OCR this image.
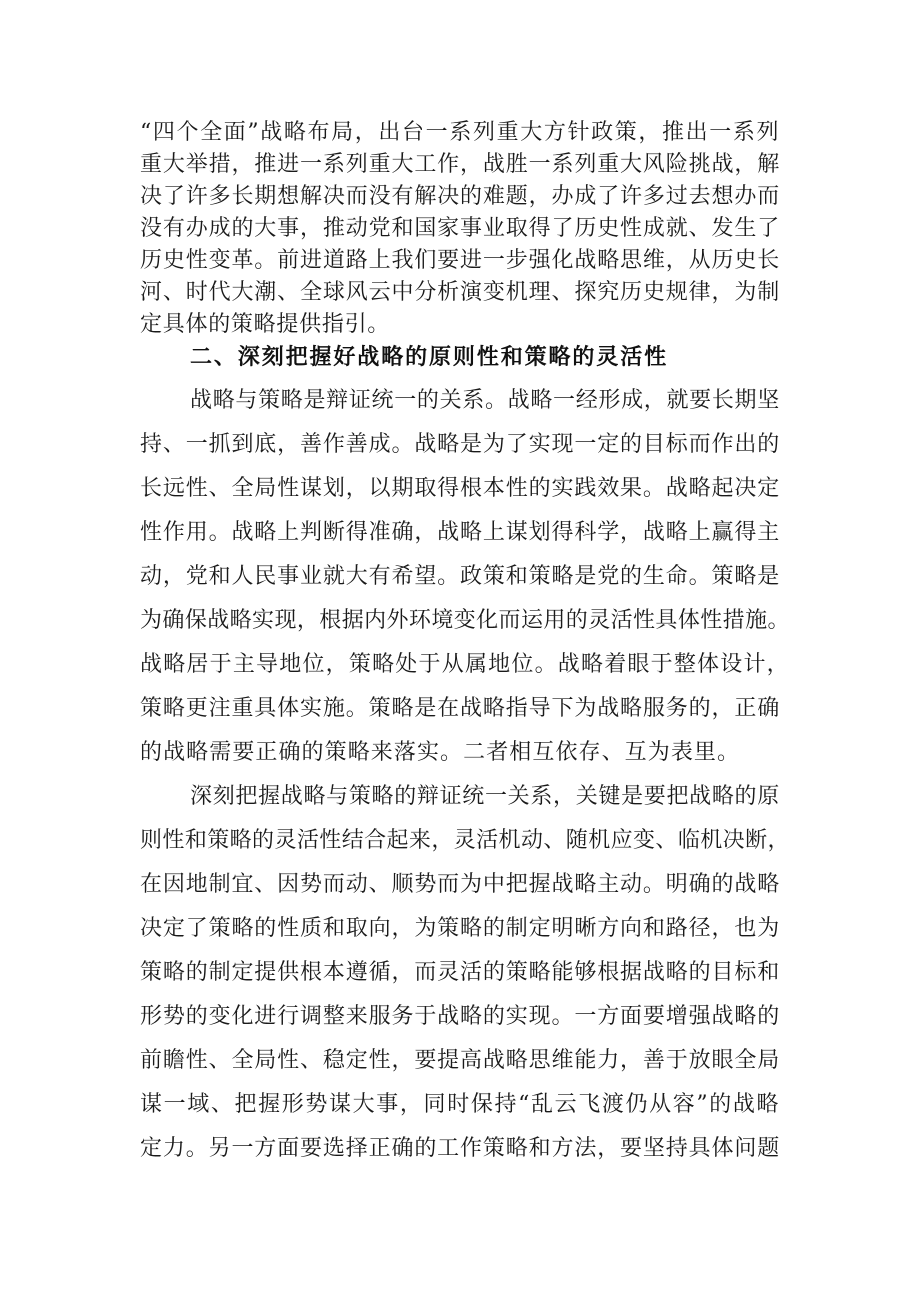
“四个全面”战略布局，出台一系列重大方针政策，推出一系列
重大举措，推进一系列重大工作，战胜一系列重大风险挑战，解
决了许多长期想解决而没有解决的难题，办成了许多过去想办而
没有办成的大事，推动党和国家事业取得了历史性成就、发生了
历史性变革。前进道路上我们要进一步强化战略思维，从历史长
河、时代大潮、全球风云中分析演变机理、探究历史规律，为制
定具体的策略提供指引。
二、深刻把握好战略的原则性和策略的灵活性
战略与策略是辩证统一的关系。战略一经形成，就要长期坚
持、一抓到底，善作善成。战略是为了实现一定的目标而作出的
长远性、全局性谋划，以期取得根本性的实践效果。战略起决定
性作用。战略上判断得准确，战略上谋划得科学，战略上赢得主
动，党和人民事业就大有希望。政策和策略是党的生命。策略是
为确保战略实现，根据内外环境变化而运用的灵活性具体性措施。
战略居于主导地位，策略处于从属地位。战略着眼于整体设计，
策略更注重具体实施。策略是在战略指导下为战略服务的，正确
的战略需要正确的策略来落实。二者相互依存、互为表里。
深刻把握战略与策略的辩证统一关系，关键是要把战略的原
则性和策略的灵活性结合起来，灵活机动、随机应变、临机决断，
在因地制宜、因势而动、顺势而为中把握战略主动。明确的战略
决定了策略的性质和取向，为策略的制定明晰方向和路径，也为
策略的制定提供根本遵循，而灵活的策略能够根据战略的目标和
形势的变化进行调整来服务于战略的实现。一方面要增强战略的
前瞻性、全局性、稳定性，要提高战略思维能力，善于放眼全局
谋一域、把握形势谋大事，同时保持“乱云飞渡仍从容”的战略
定力。另一方面要选择正确的工作策略和方法，要坚持具体问题
